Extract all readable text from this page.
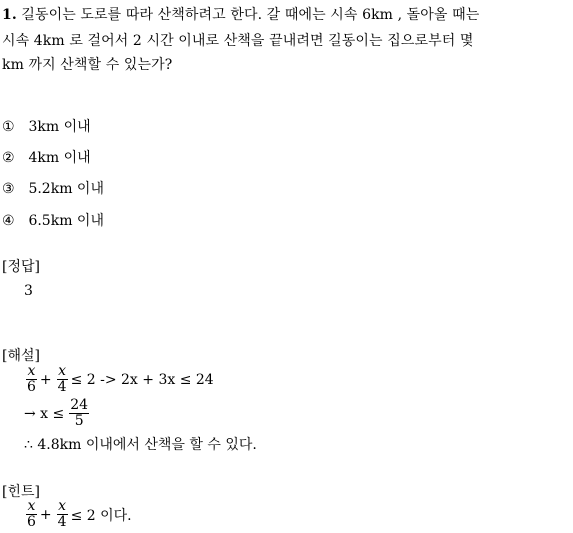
1. 길동이는 도로를 따라 산책하려고 한다. 갈 때에는 시속 6km , 돌아올 때는
시속 4km 로 걸어서 2 시간 이내로 산책을 끝내려면 길동이는 집으로부터 몇
km 까지 산책할 수 있는가?
① 3km 이내
② 4km 이내
③ 5.2km 이내
④ 6.5km 이내
[정답]
3
[해설]
$\frac{x}{6} + \frac{x}{4} \le 2 -> 2x + 3x \le 24$
→ $x \le \frac{24}{5}$
∴ 4.8km 이내에서 산책을 할 수 있다.
[힌트]
$\frac{x}{6} + \frac{x}{4} \le 2$ 이다.
